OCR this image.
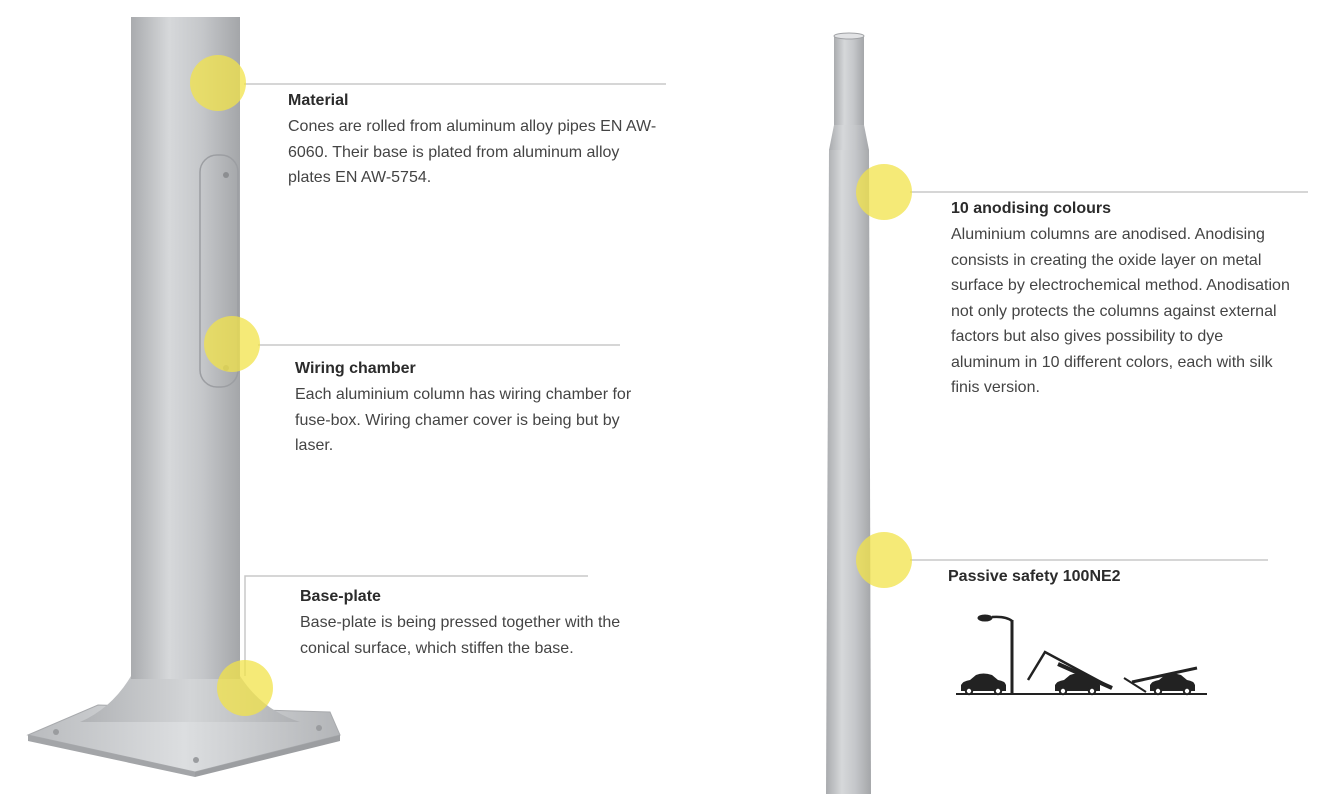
Material
Cones are rolled from aluminum alloy pipes EN AW-6060. Their base is plated from aluminum alloy plates EN AW-5754.
Wiring chamber
Each aluminium column has wiring chamber for fuse-box. Wiring chamer cover is being but by laser.
Base-plate
Base-plate is being pressed together with the conical surface, which stiffen the base.
10 anodising colours
Aluminium columns are anodised. Anodising consists in creating the oxide layer on metal surface by electrochemical method. Anodisation not only protects the columns against external factors but also gives possibility to dye aluminum in 10 different colors, each with silk finis version.
Passive safety 100NE2
